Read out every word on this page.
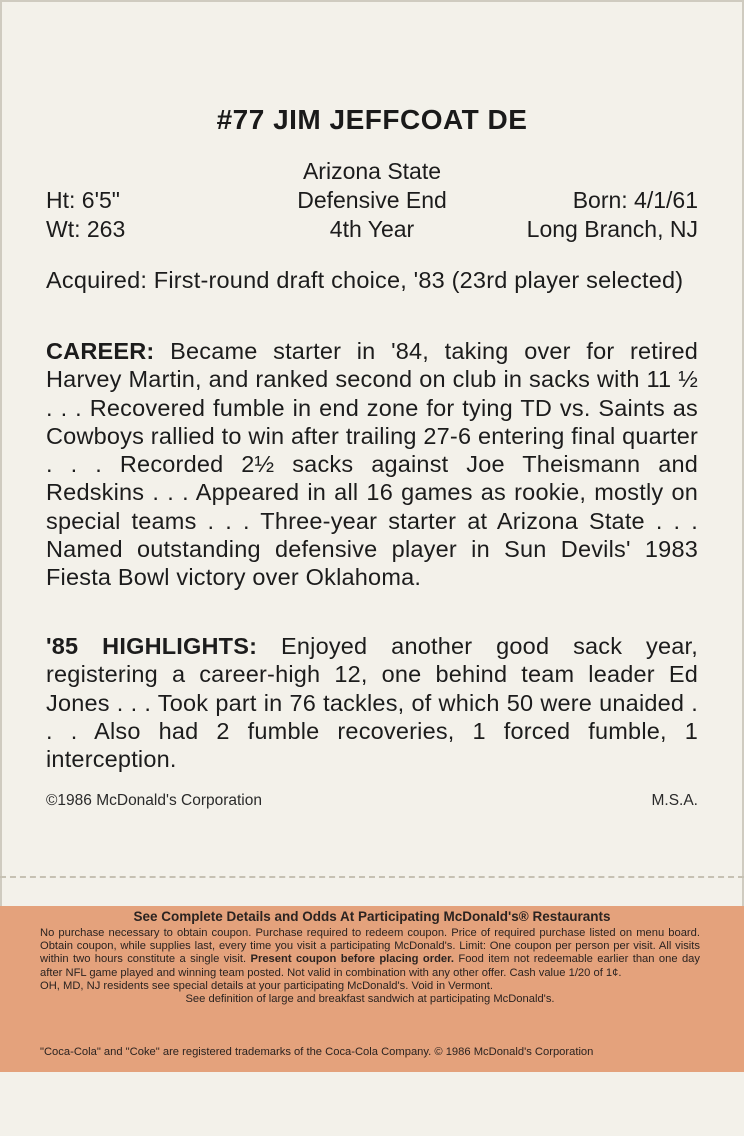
#77 JIM JEFFCOAT DE
Arizona State
Ht: 6'5"	Defensive End	Born: 4/1/61
Wt: 263	4th Year	Long Branch, NJ
Acquired: First-round draft choice, '83 (23rd player selected)
CAREER: Became starter in '84, taking over for retired Harvey Martin, and ranked second on club in sacks with 11 ½ . . . Recovered fumble in end zone for tying TD vs. Saints as Cowboys rallied to win after trailing 27-6 entering final quarter . . . Recorded 2½ sacks against Joe Theismann and Redskins . . . Appeared in all 16 games as rookie, mostly on special teams . . . Three-year starter at Arizona State . . . Named outstanding defensive player in Sun Devils' 1983 Fiesta Bowl victory over Oklahoma.
'85 HIGHLIGHTS: Enjoyed another good sack year, registering a career-high 12, one behind team leader Ed Jones . . . Took part in 76 tackles, of which 50 were unaided . . . Also had 2 fumble recoveries, 1 forced fumble, 1 interception.
©1986 McDonald's Corporation	M.S.A.
See Complete Details and Odds At Participating McDonald's® Restaurants
No purchase necessary to obtain coupon. Purchase required to redeem coupon. Price of required purchase listed on menu board. Obtain coupon, while supplies last, every time you visit a participating McDonald's. Limit: One coupon per person per visit. All visits within two hours constitute a single visit. Present coupon before placing order. Food item not redeemable earlier than one day after NFL game played and winning team posted. Not valid in combination with any other offer. Cash value 1/20 of 1¢.
OH, MD, NJ residents see special details at your participating McDonald's. Void in Vermont.
See definition of large and breakfast sandwich at participating McDonald's.
"Coca-Cola" and "Coke" are registered trademarks of the Coca-Cola Company. © 1986 McDonald's Corporation
